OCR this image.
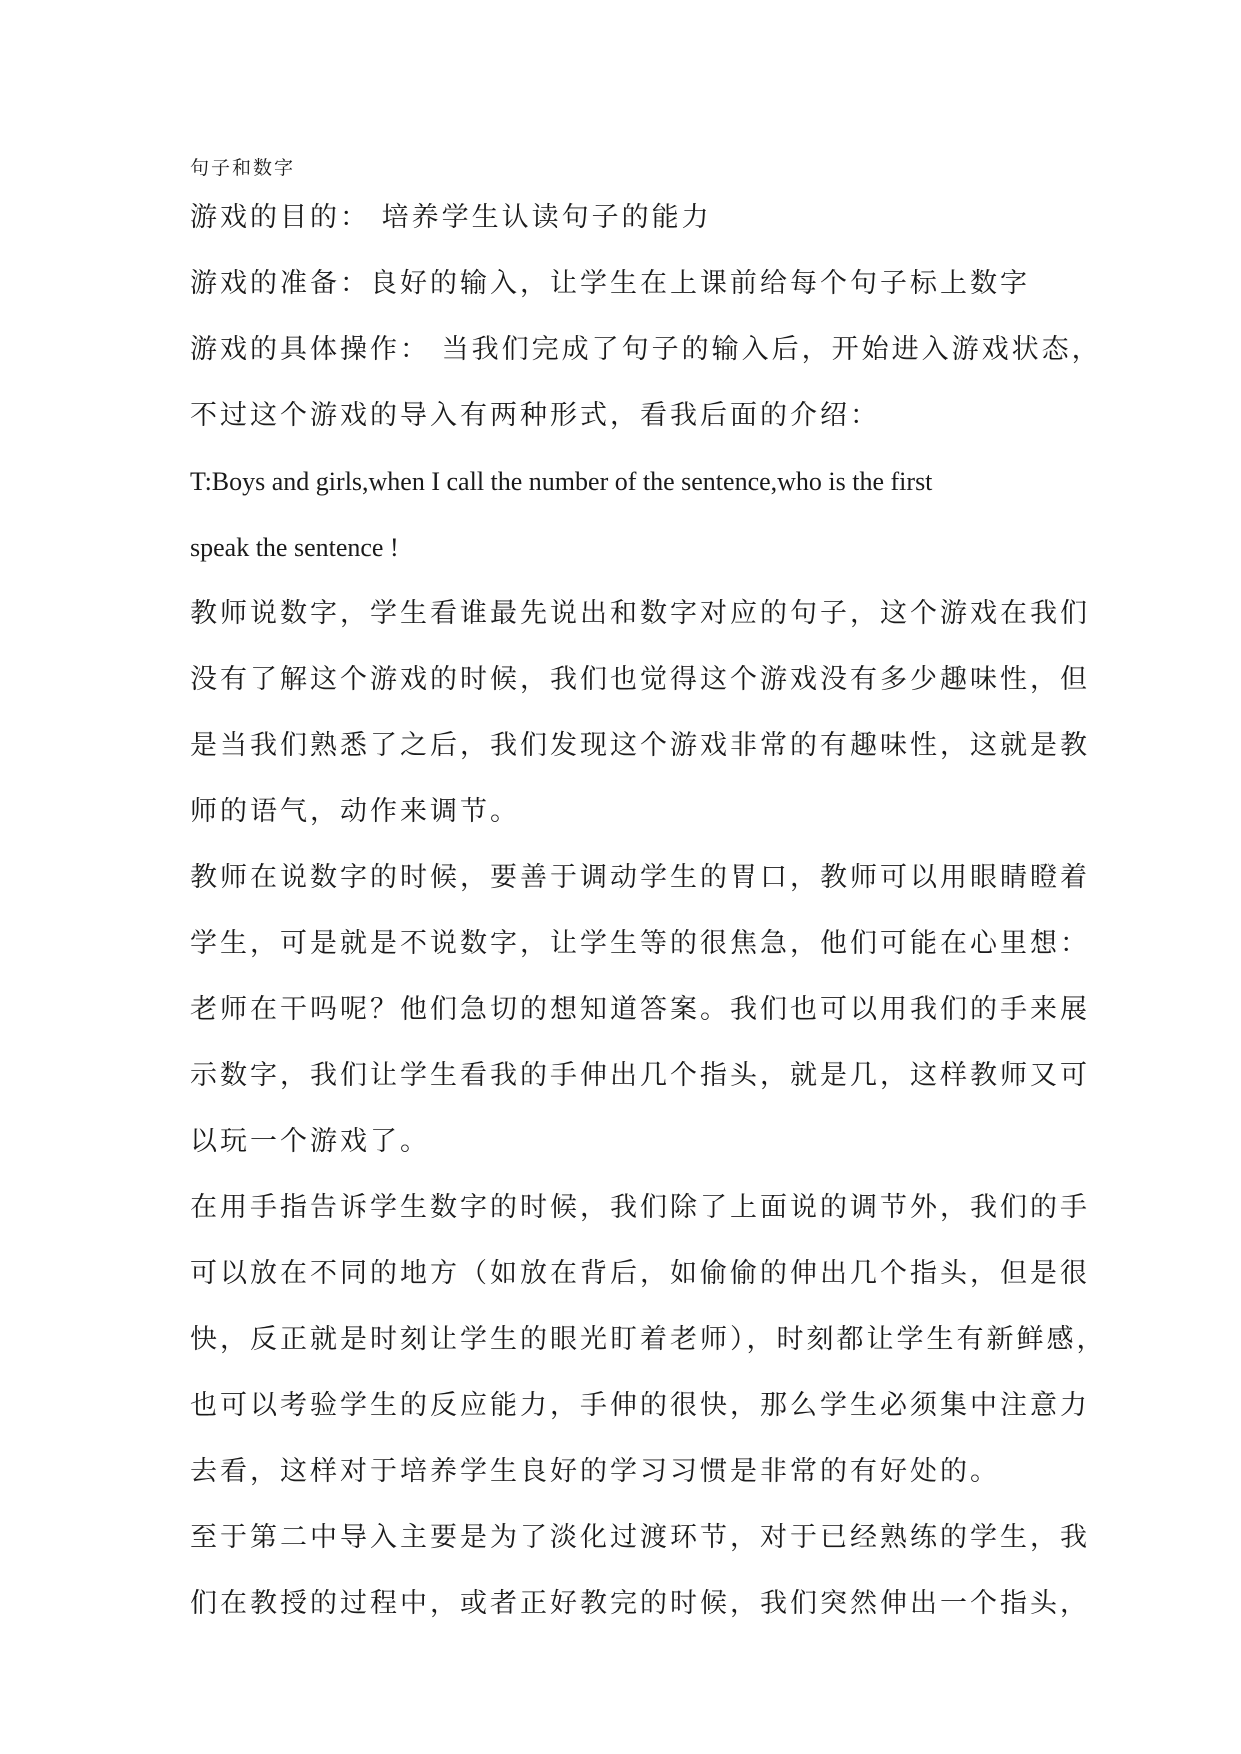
句子和数字
游戏的目的： 培养学生认读句子的能力
游戏的准备：良好的输入，让学生在上课前给每个句子标上数字
游戏的具体操作： 当我们完成了句子的输入后，开始进入游戏状态，
不过这个游戏的导入有两种形式，看我后面的介绍：
T:Boys and girls,when I call the number of the sentence,who is the first
speak the sentence !
教师说数字，学生看谁最先说出和数字对应的句子，这个游戏在我们
没有了解这个游戏的时候，我们也觉得这个游戏没有多少趣味性，但
是当我们熟悉了之后，我们发现这个游戏非常的有趣味性，这就是教
师的语气，动作来调节。
教师在说数字的时候，要善于调动学生的胃口，教师可以用眼睛瞪着
学生，可是就是不说数字，让学生等的很焦急，他们可能在心里想：
老师在干吗呢？他们急切的想知道答案。我们也可以用我们的手来展
示数字，我们让学生看我的手伸出几个指头，就是几，这样教师又可
以玩一个游戏了。
在用手指告诉学生数字的时候，我们除了上面说的调节外，我们的手
可以放在不同的地方（如放在背后，如偷偷的伸出几个指头，但是很
快，反正就是时刻让学生的眼光盯着老师），时刻都让学生有新鲜感，
也可以考验学生的反应能力，手伸的很快，那么学生必须集中注意力
去看，这样对于培养学生良好的学习习惯是非常的有好处的。
至于第二中导入主要是为了淡化过渡环节，对于已经熟练的学生，我
们在教授的过程中，或者正好教完的时候，我们突然伸出一个指头，
